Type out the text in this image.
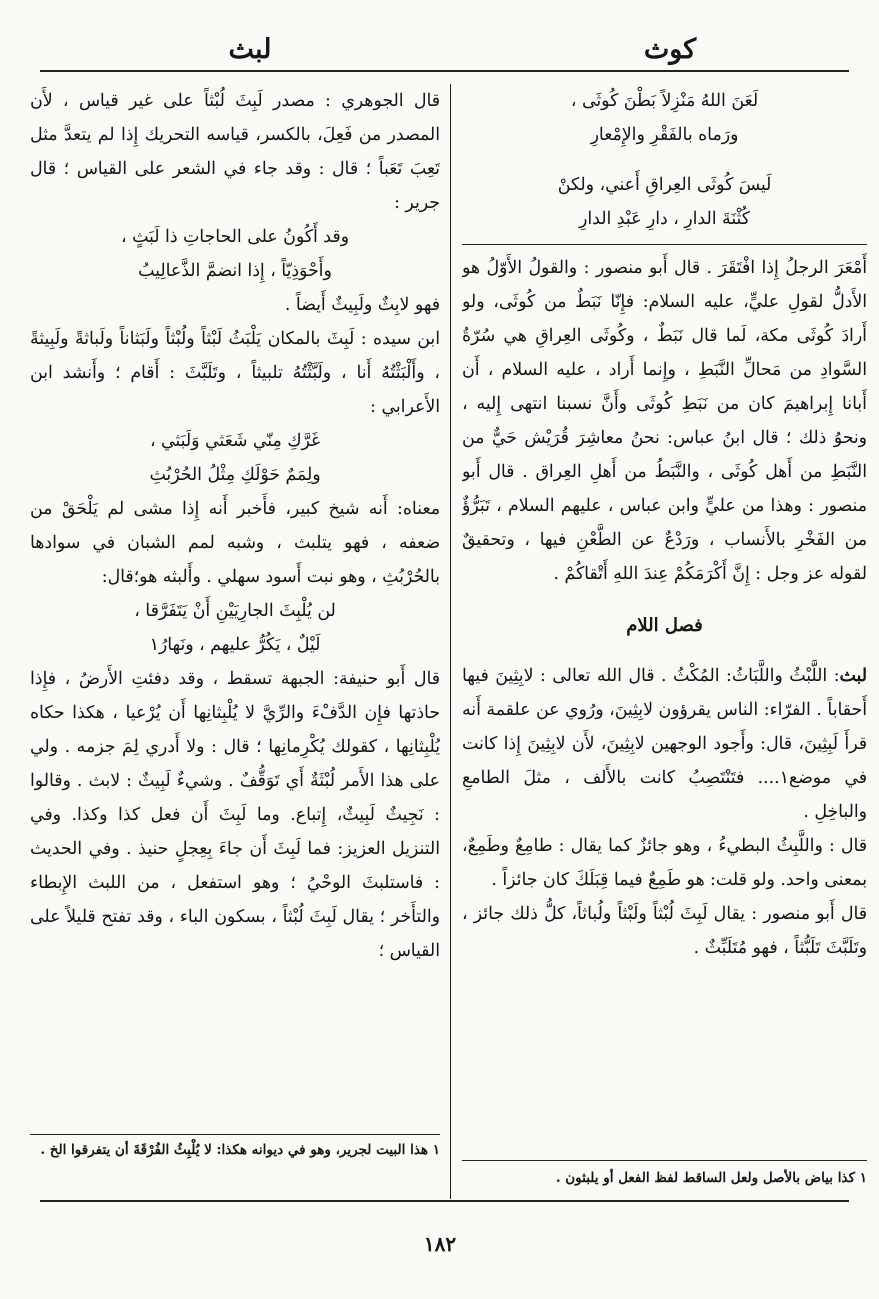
كوث
لبث

لَعَنَ اللهُ مَنْزِلاً بَطْنَ كُوثَى ،

ورَماه بالفَقْرِ والإِمْعارِ

لَيسَ كُوثَى العِراقِ أَعني، ولكنْ

كُثْنَةَ الدارِ ، دارِ عَبْدِ الدارِ

أَمْعَرَ الرجلُ إِذا افْتَقَرَ . قال أَبو منصور : والقولُ الأَوّلُ هو الأَدلُّ لقولِ عليٍّ، عليه السلام: فإِنّا نَبَطٌ من كُوثَى، ولو أَرادَ كُوثَى مكة، لَما قال نَبَطٌ ، وكُوثَى العِراقِ هي سُرّةُ السَّوادِ من مَحالِّ النَّبَطِ ، وإِنما أَراد ، عليه السلام ، أَن أَبانا إِبراهيمَ كان من نَبَطِ كُوثَى وأَنَّ نسبنا انتهى إِليه ، ونحوُ ذلك ؛ قال ابنُ عباس: نحنُ معاشِرَ قُرَيْش حَيٌّ من النَّبَطِ من أَهل كُوثَى ، والنَّبَطُ من أَهلِ العِراق . قال أَبو منصور : وهذا من عليٍّ وابن عباس ، عليهم السلام ، تَبَرُّؤٌ من الفَخْرِ بالأَنساب ، ورَدْعٌ عن الطَّعْنِ فيها ، وتحقيقٌ لقوله عز وجل : إِنَّ أَكْرَمَكُمْ عِندَ اللهِ أَتْقاكُمْ .

فصل اللام

لبث: اللَّبْثُ واللَّبَاثُ: المُكْثُ . قال الله تعالى : لابِثِينَ فيها أَحقاباً . الفرّاء: الناس يقرؤون لابِثِينَ، ورُوي عن علقمة أَنه قرأَ لَبِثِينَ، قال: وأَجود الوجهين لابِثِينَ، لأَن لابِثِينَ إِذا كانت في موضع١.... فتَنْتَصِبُ كانت بالأَلف ، مثلَ الطامعِ والباخِلِ .

قال : واللَّبِثُ البطيءُ ، وهو جائزٌ كما يقال : طامِعٌ وطَمِعٌ، بمعنى واحد. ولو قلت: هو طَمِعٌ فيما قِبَلَكَ كان جائزاً .

قال أَبو منصور : يقال لَبِثَ لُبْثاً ولَبْثاً ولُباثاً، كلُّ ذلك جائز ، وتَلَبَّثَ تَلَبُّثاً ، فهو مُتَلَبِّثٌ .

١ كذا بياض بالأصل ولعل الساقط لفظ الفعل أو يلبثون .

قال الجوهري : مصدر لَبِثَ لُبْثاً على غير قياس ، لأَن المصدر من فَعِلَ، بالكسر، قياسه التحريك إِذا لم يتعدَّ مثل تَعِبَ تَعَباً ؛ قال : وقد جاء في الشعر على القياس ؛ قال جرير :

وقد أَكُونُ على الحاجاتِ ذا لَبَثٍ ،

وأَحْوَذِيّاً ، إِذا انضمَّ الذَّعالِيبُ

فهو لابِثٌ ولَبِيثٌ أَيضاً .

ابن سيده : لَبِثَ بالمكان يَلْبَثُ لَبْثاً ولُبْثاً ولَبَثاناً ولَباثةً ولَبِيثةً ، وأَلْبَثْتُهُ أَنا ، ولَبَّثْتُهُ تلبيثاً ، وتَلَبَّثَ : أَقام ؛ وأَنشد ابن الأَعرابي :

غَرَّكِ مِنّي شَعَثي وَلَبَثي ،

ولِمَمٌ حَوْلَكِ مِثْلُ الحُرْبُثِ

معناه: أَنه شيخ كبير، فأَخبر أَنه إِذا مشى لم يَلْحَقْ من ضعفه ، فهو يتلبث ، وشبه لمم الشبان في سوادها بالحُرْبُثِ ، وهو نبت أَسود سهلي . وأَلبثه هو؛قال:

لن يُلْبِثَ الجارِيَيْنِ أَنْ يَتَفَرَّقا ،

لَيْلٌ ، يَكُرُّ عليهم ، ونَهارُ١

قال أَبو حنيفة: الجبهة تسقط ، وقد دفئتِ الأَرضُ ، فإِذا حاذتها فإِن الدَّفْءَ والرِّيَّ لا يُلْبِثانِها أَن يُرْعيا ، هكذا حكاه يُلْبِثانِها ، كقولك يُكْرِمانِها ؛ قال : ولا أَدري لِمَ جزمه . ولي على هذا الأَمر لُبْثَةٌ أَي تَوَقُّفٌ . وشيءٌ لَبِيثٌ : لابث . وقالوا : نَجِيثٌ لَبِيثٌ، إِتباع. وما لَبِثَ أَن فعل كذا وكذا. وفي التنزيل العزيز: فما لَبِثَ أَن جاءَ بِعِجلٍ حنيذ . وفي الحديث : فاستلبثَ الوحْيُ ؛ وهو استفعل ، من اللبث الإِبطاء والتأَخر ؛ يقال لَبِثَ لُبْثاً ، بسكون الباء ، وقد تفتح قليلاً على القياس ؛

١ هذا البيت لجرير، وهو في ديوانه هكذا: لا يُلْبِثُ الفُرْقَةَ أن يتفرقوا الخ .
١٨٢
